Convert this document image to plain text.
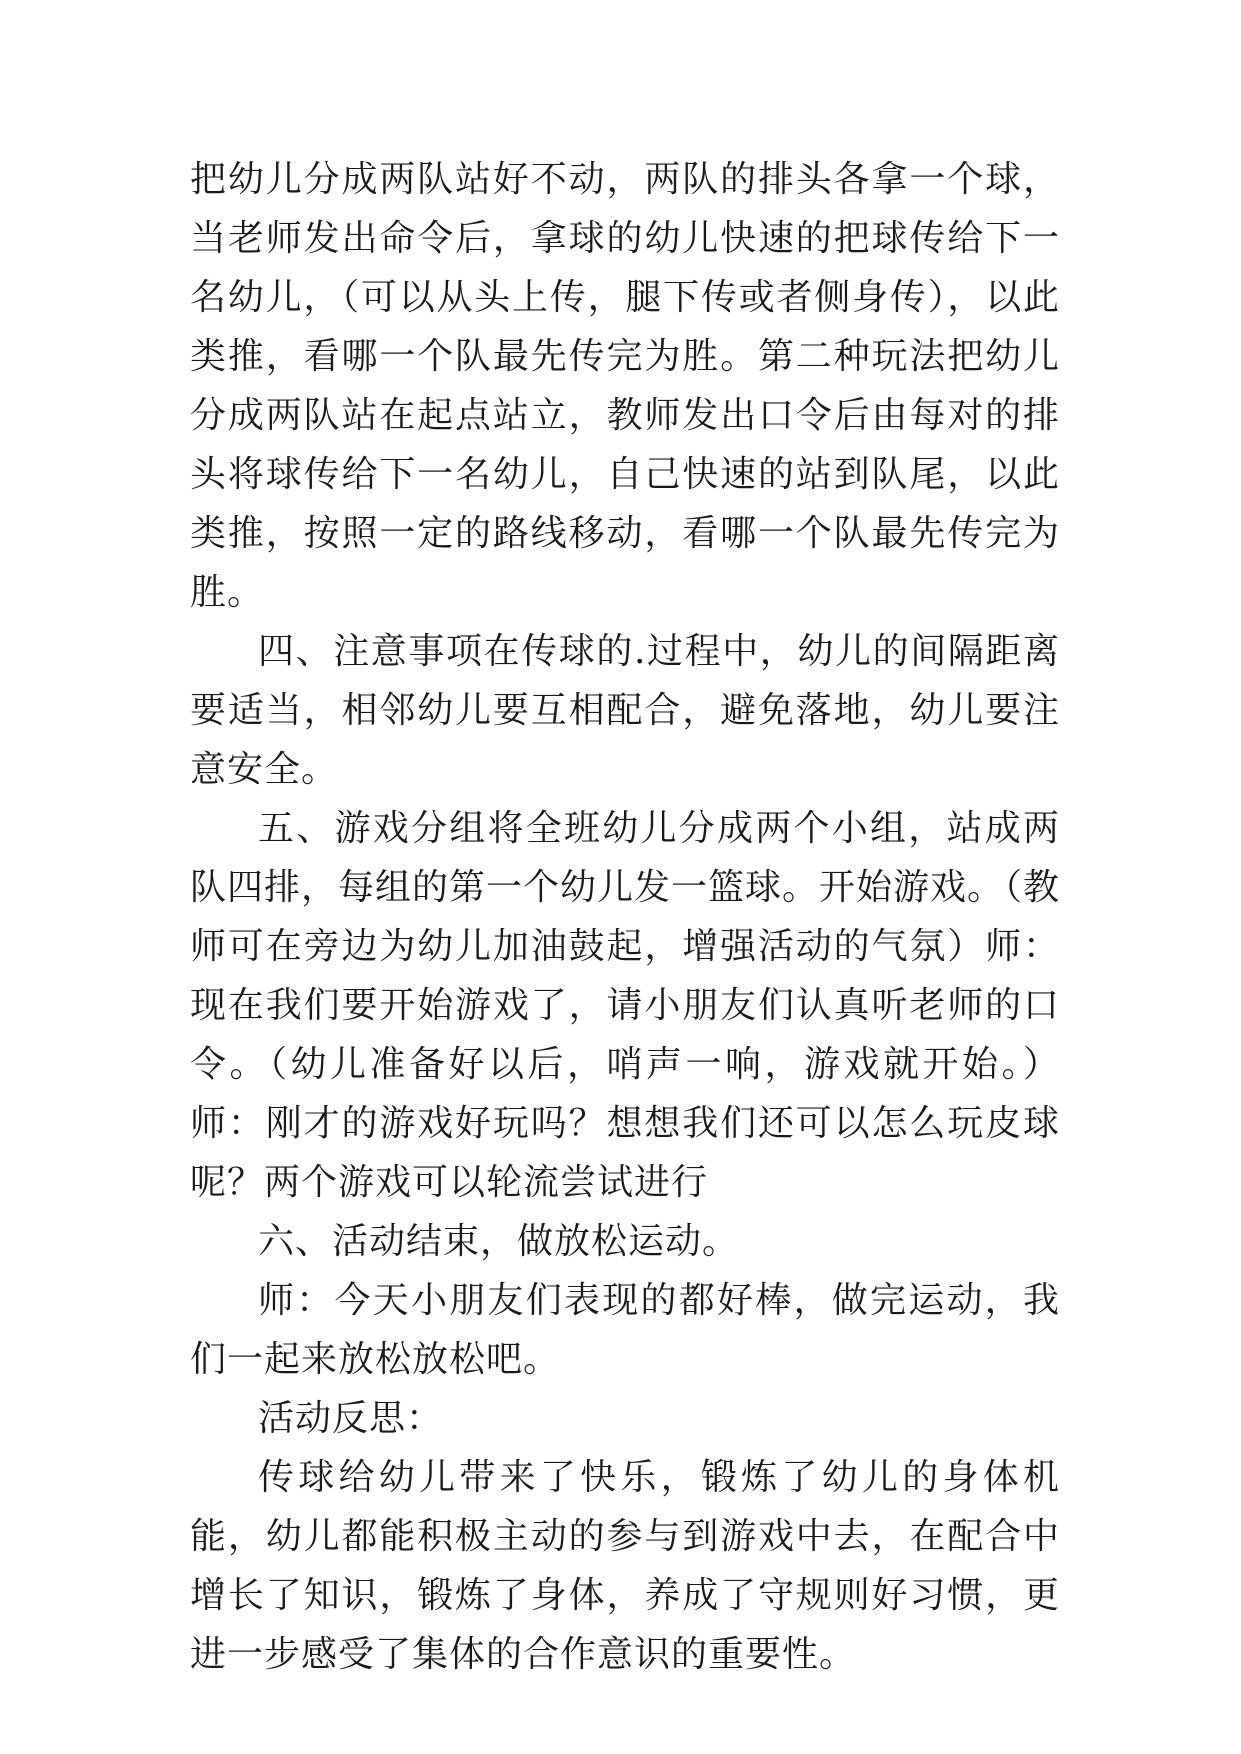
把幼儿分成两队站好不动，两队的排头各拿一个球，当老师发出命令后，拿球的幼儿快速的把球传给下一名幼儿，（可以从头上传，腿下传或者侧身传），以此类推，看哪一个队最先传完为胜。第二种玩法把幼儿分成两队站在起点站立，教师发出口令后由每对的排头将球传给下一名幼儿，自己快速的站到队尾，以此类推，按照一定的路线移动，看哪一个队最先传完为胜。

四、注意事项在传球的.过程中，幼儿的间隔距离要适当，相邻幼儿要互相配合，避免落地，幼儿要注意安全。

五、游戏分组将全班幼儿分成两个小组，站成两队四排，每组的第一个幼儿发一篮球。开始游戏。（教师可在旁边为幼儿加油鼓起，增强活动的气氛）师：现在我们要开始游戏了，请小朋友们认真听老师的口令。（幼儿准备好以后，哨声一响，游戏就开始。）师：刚才的游戏好玩吗？想想我们还可以怎么玩皮球呢？两个游戏可以轮流尝试进行

六、活动结束，做放松运动。

师：今天小朋友们表现的都好棒，做完运动，我们一起来放松放松吧。

活动反思：

传球给幼儿带来了快乐，锻炼了幼儿的身体机能，幼儿都能积极主动的参与到游戏中去，在配合中增长了知识，锻炼了身体，养成了守规则好习惯，更进一步感受了集体的合作意识的重要性。
